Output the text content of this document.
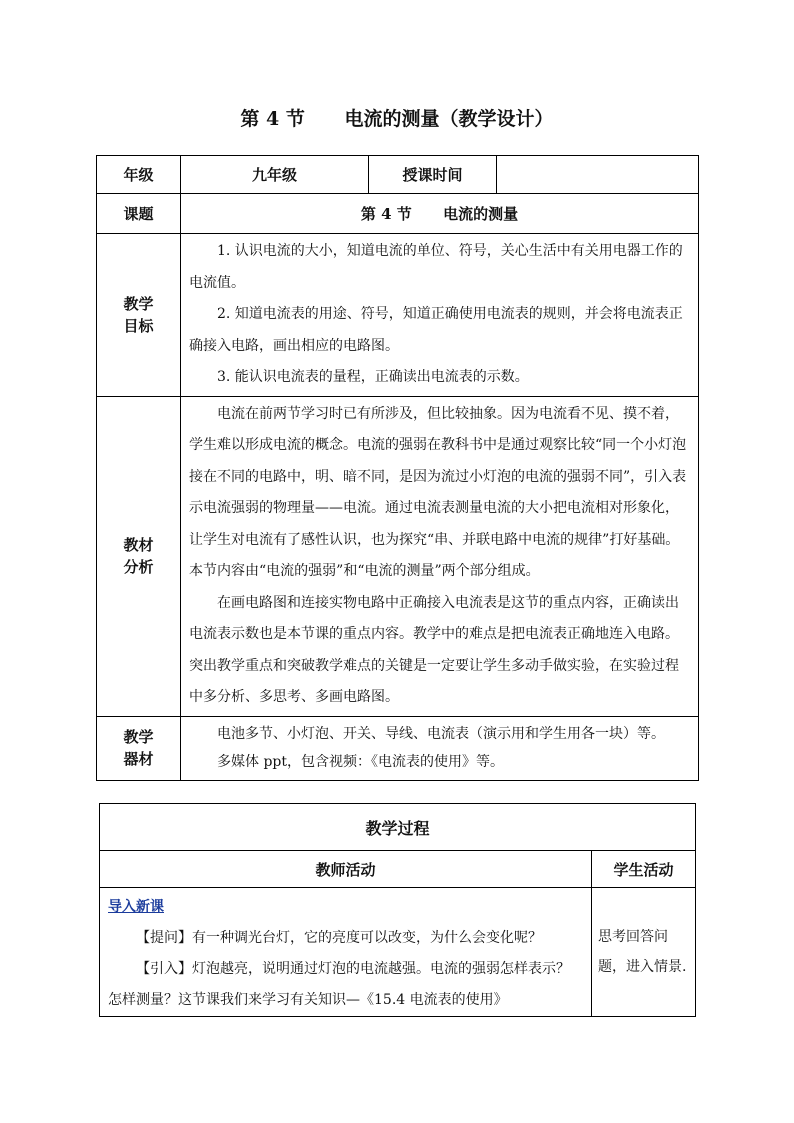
第 4 节      电流的测量（教学设计）
年级	九年级	授课时间	
课题	第 4 节      电流的测量		
教学目标	1. 认识电流的大小，知道电流的单位、符号，关心生活中有关用电器工作的电流值。

2. 知道电流表的用途、符号，知道正确使用电流表的规则，并会将电流表正确接入电路，画出相应的电路图。

3. 能认识电流表的量程，正确读出电流表的示数。		

教材分析	电流在前两节学习时已有所涉及，但比较抽象。因为电流看不见、摸不着，学生难以形成电流的概念。电流的强弱在教科书中是通过观察比较“同一个小灯泡接在不同的电路中，明、暗不同，是因为流过小灯泡的电流的强弱不同”，引入表示电流强弱的物理量——电流。通过电流表测量电流的大小把电流相对形象化，让学生对电流有了感性认识，也为探究“串、并联电路中电流的规律”打好基础。本节内容由“电流的强弱”和“电流的测量”两个部分组成。

在画电路图和连接实物电路中正确接入电流表是这节的重点内容，正确读出电流表示数也是本节课的重点内容。教学中的难点是把电流表正确地连入电路。突出教学重点和突破教学难点的关键是一定要让学生多动手做实验，在实验过程中多分析、多思考、多画电路图。		

教学器材	电池多节、小灯泡、开关、导线、电流表（演示用和学生用各一块）等。

多媒体 ppt，包含视频：《电流表的使用》等。		

教学过程	
教师活动	学生活动

导入新课

【提问】有一种调光台灯，它的亮度可以改变，为什么会变化呢？

【引入】灯泡越亮，说明通过灯泡的电流越强。电流的强弱怎样表示？怎样测量？这节课我们来学习有关知识—《15.4 电流表的使用》	思考回答问题，进入情景.
